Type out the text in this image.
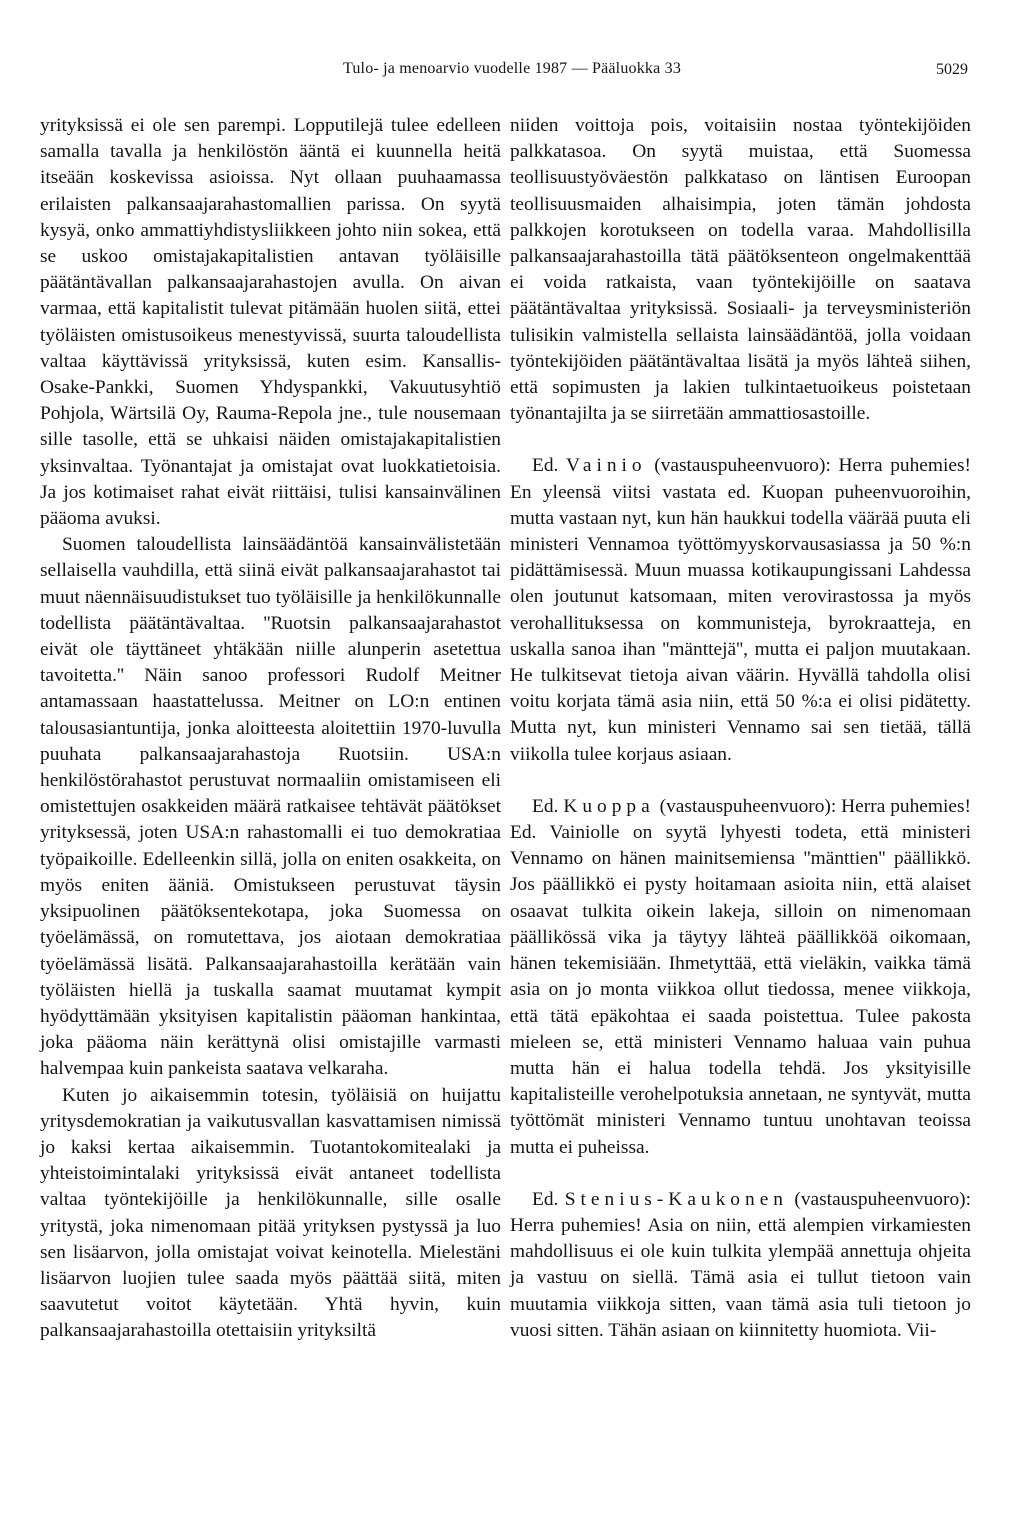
Tulo- ja menoarvio vuodelle 1987 — Pääluokka 33	5029

yrityksissä ei ole sen parempi. Lopputilejä tulee edelleen samalla tavalla ja henkilöstön ääntä ei kuunnella heitä itseään koskevissa asioissa. Nyt ollaan puuhaamassa erilaisten palkansaajarahastomallien parissa. On syytä kysyä, onko ammattiyhdistysliikkeen johto niin sokea, että se uskoo omistajakapitalistien antavan työläisille päätäntävallan palkansaajarahastojen avulla. On aivan varmaa, että kapitalistit tulevat pitämään huolen siitä, ettei työläisten omistusoikeus menestyvissä, suurta taloudellista valtaa käyttävissä yrityksissä, kuten esim. Kansallis-Osake-Pankki, Suomen Yhdyspankki, Vakuutusyhtiö Pohjola, Wärtsilä Oy, Rauma-Repola jne., tule nousemaan sille tasolle, että se uhkaisi näiden omistajakapitalistien yksinvaltaa. Työnantajat ja omistajat ovat luokkatietoisia. Ja jos kotimaiset rahat eivät riittäisi, tulisi kansainvälinen pääoma avuksi.

Suomen taloudellista lainsäädäntöä kansainvälistetään sellaisella vauhdilla, että siinä eivät palkansaajarahastot tai muut näennäisuudistukset tuo työläisille ja henkilökunnalle todellista päätäntävaltaa. ''Ruotsin palkansaajarahastot eivät ole täyttäneet yhtäkään niille alunperin asetettua tavoitetta.'' Näin sanoo professori Rudolf Meitner antamassaan haastattelussa. Meitner on LO:n entinen talousasiantuntija, jonka aloitteesta aloitettiin 1970-luvulla puuhata palkansaajarahastoja Ruotsiin. USA:n henkilöstörahastot perustuvat normaaliin omistamiseen eli omistettujen osakkeiden määrä ratkaisee tehtävät päätökset yrityksessä, joten USA:n rahastomalli ei tuo demokratiaa työpaikoille. Edelleenkin sillä, jolla on eniten osakkeita, on myös eniten ääniä. Omistukseen perustuvat täysin yksipuolinen päätöksentekotapa, joka Suomessa on työelämässä, on romutettava, jos aiotaan demokratiaa työelämässä lisätä. Palkansaajarahastoilla kerätään vain työläisten hiellä ja tuskalla saamat muutamat kympit hyödyttämään yksityisen kapitalistin pääoman hankintaa, joka pääoma näin kerättynä olisi omistajille varmasti halvempaa kuin pankeista saatava velkaraha.

Kuten jo aikaisemmin totesin, työläisiä on huijattu yritysdemokratian ja vaikutusvallan kasvattamisen nimissä jo kaksi kertaa aikaisemmin. Tuotantokomitealaki ja yhteistoimintalaki yrityksissä eivät antaneet todellista valtaa työntekijöille ja henkilökunnalle, sille osalle yritystä, joka nimenomaan pitää yrityksen pystyssä ja luo sen lisäarvon, jolla omistajat voivat keinotella. Mielestäni lisäarvon luojien tulee saada myös päättää siitä, miten saavutetut voitot käytetään. Yhtä hyvin, kuin palkansaajarahastoilla otettaisiin yrityksiltä

niiden voittoja pois, voitaisiin nostaa työntekijöiden palkkatasoa. On syytä muistaa, että Suomessa teollisuustyöväestön palkkataso on läntisen Euroopan teollisuusmaiden alhaisimpia, joten tämän johdosta palkkojen korotukseen on todella varaa. Mahdollisilla palkansaajarahastoilla tätä päätöksenteon ongelmakenttää ei voida ratkaista, vaan työntekijöille on saatava päätäntävaltaa yrityksissä. Sosiaali- ja terveysministeriön tulisikin valmistella sellaista lainsäädäntöä, jolla voidaan työntekijöiden päätäntävaltaa lisätä ja myös lähteä siihen, että sopimusten ja lakien tulkintaetuoikeus poistetaan työnantajilta ja se siirretään ammattiosastoille.

Ed. Vainio (vastauspuheenvuoro): Herra puhemies! En yleensä viitsi vastata ed. Kuopan puheenvuoroihin, mutta vastaan nyt, kun hän haukkui todella väärää puuta eli ministeri Vennamoa työttömyyskorvausasiassa ja 50 %:n pidättämisessä. Muun muassa kotikaupungissani Lahdessa olen joutunut katsomaan, miten verovirastossa ja myös verohallituksessa on kommunisteja, byrokraatteja, en uskalla sanoa ihan ''mänttejä'', mutta ei paljon muutakaan. He tulkitsevat tietoja aivan väärin. Hyvällä tahdolla olisi voitu korjata tämä asia niin, että 50 %:a ei olisi pidätetty. Mutta nyt, kun ministeri Vennamo sai sen tietää, tällä viikolla tulee korjaus asiaan.

Ed. Kuoppa (vastauspuheenvuoro): Herra puhemies! Ed. Vainiolle on syytä lyhyesti todeta, että ministeri Vennamo on hänen mainitsemiensa ''mänttien'' päällikkö. Jos päällikkö ei pysty hoitamaan asioita niin, että alaiset osaavat tulkita oikein lakeja, silloin on nimenomaan päällikössä vika ja täytyy lähteä päällikköä oikomaan, hänen tekemisiään. Ihmetyttää, että vieläkin, vaikka tämä asia on jo monta viikkoa ollut tiedossa, menee viikkoja, että tätä epäkohtaa ei saada poistettua. Tulee pakosta mieleen se, että ministeri Vennamo haluaa vain puhua mutta hän ei halua todella tehdä. Jos yksityisille kapitalisteille verohelpotuksia annetaan, ne syntyvät, mutta työttömät ministeri Vennamo tuntuu unohtavan teoissa mutta ei puheissa.

Ed. Stenius-Kaukonen (vastauspuheenvuoro): Herra puhemies! Asia on niin, että alempien virkamiesten mahdollisuus ei ole kuin tulkita ylempää annettuja ohjeita ja vastuu on siellä. Tämä asia ei tullut tietoon vain muutamia viikkoja sitten, vaan tämä asia tuli tietoon jo vuosi sitten. Tähän asiaan on kiinnitetty huomiota. Vii-
